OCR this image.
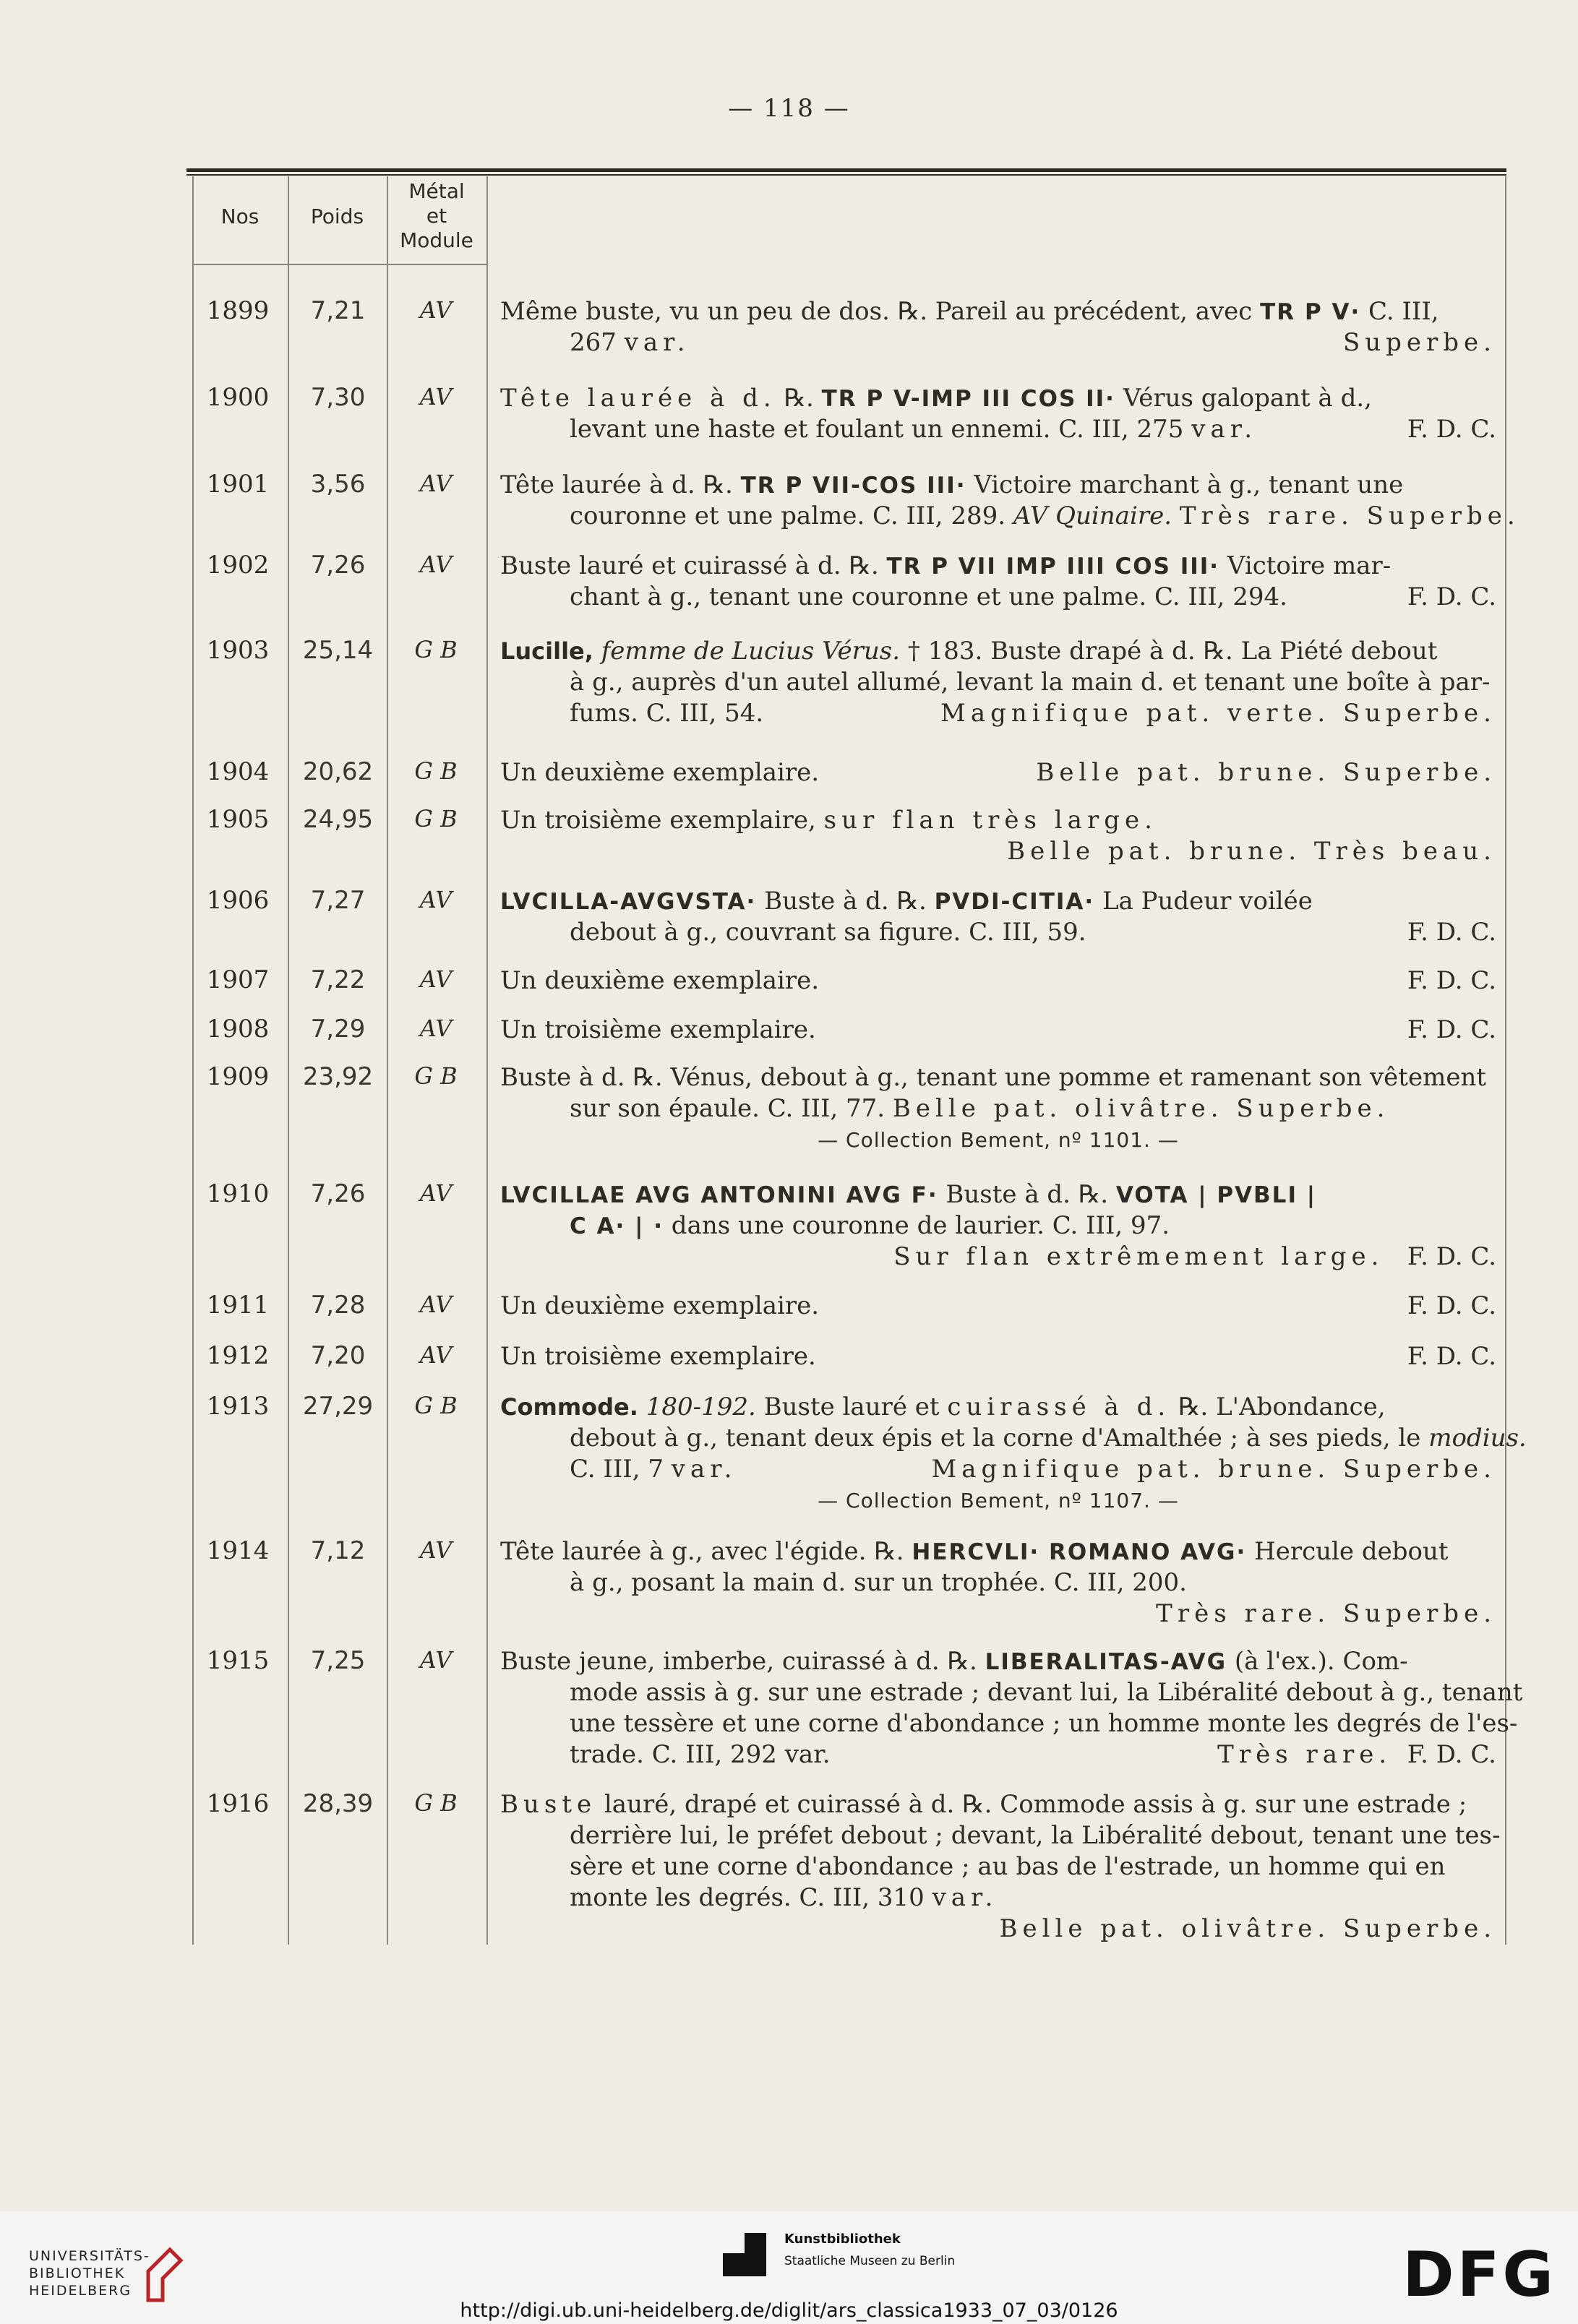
— 118 —
Nos	Poids
Métal
et
Module
1899	7,21	AV	Même buste, vu un peu de dos. ℞. Pareil au précédent, avec TR P V· C. III,
267 var.	Superbe.
1900	7,30	AV	Tête laurée à d. ℞. TR P V-IMP III COS II· Vérus galopant à d.,
levant une haste et foulant un ennemi. C. III, 275 var.	F. D. C.
1901	3,56	AV	Tête laurée à d. ℞. TR P VII-COS III· Victoire marchant à g., tenant une
couronne et une palme. C. III, 289. AV Quinaire. Très rare. Superbe.
1902	7,26	AV	Buste lauré et cuirassé à d. ℞. TR P VII IMP IIII COS III· Victoire mar-
chant à g., tenant une couronne et une palme. C. III, 294.	F. D. C.
1903	25,14	G B	Lucille, femme de Lucius Vérus. † 183. Buste drapé à d. ℞. La Piété debout
à g., auprès d'un autel allumé, levant la main d. et tenant une boîte à par-
fums. C. III, 54.	Magnifique pat. verte. Superbe.
1904	20,62	G B	Un deuxième exemplaire.	Belle pat. brune. Superbe.
1905	24,95	G B	Un troisième exemplaire, sur flan très large.
Belle pat. brune. Très beau.
1906	7,27	AV	LVCILLA-AVGVSTA· Buste à d. ℞. PVDI-CITIA· La Pudeur voilée
debout à g., couvrant sa figure. C. III, 59.	F. D. C.
1907	7,22	AV	Un deuxième exemplaire.	F. D. C.
1908	7,29	AV	Un troisième exemplaire.	F. D. C.
1909	23,92	G B	Buste à d. ℞. Vénus, debout à g., tenant une pomme et ramenant son vêtement
sur son épaule. C. III, 77. Belle pat. olivâtre. Superbe.
— Collection Bement, nº 1101. —
1910	7,26	AV	LVCILLAE AVG ANTONINI AVG F· Buste à d. ℞. VOTA | PVBLI |
C A· | · dans une couronne de laurier. C. III, 97.
Sur flan extrêmement large.   F. D. C.
1911	7,28	AV	Un deuxième exemplaire.	F. D. C.
1912	7,20	AV	Un troisième exemplaire.	F. D. C.
1913	27,29	G B	Commode. 180-192. Buste lauré et cuirassé à d. ℞. L'Abondance,
debout à g., tenant deux épis et la corne d'Amalthée ; à ses pieds, le modius.
C. III, 7 var.	Magnifique pat. brune. Superbe.
— Collection Bement, nº 1107. —
1914	7,12	AV	Tête laurée à g., avec l'égide. ℞. HERCVLI· ROMANO AVG· Hercule debout
à g., posant la main d. sur un trophée. C. III, 200.
Très rare. Superbe.
1915	7,25	AV	Buste jeune, imberbe, cuirassé à d. ℞. LIBERALITAS-AVG (à l'ex.). Com-
mode assis à g. sur une estrade ; devant lui, la Libéralité debout à g., tenant
une tessère et une corne d'abondance ; un homme monte les degrés de l'es-
trade. C. III, 292 var.	Très rare.  F. D. C.
1916	28,39	G B	Buste lauré, drapé et cuirassé à d. ℞. Commode assis à g. sur une estrade ;
derrière lui, le préfet debout ; devant, la Libéralité debout, tenant une tes-
sère et une corne d'abondance ; au bas de l'estrade, un homme qui en
monte les degrés. C. III, 310 var.
Belle pat. olivâtre. Superbe.
UNIVERSITÄTS-
BIBLIOTHEK
HEIDELBERG
Kunstbibliothek
Staatliche Museen zu Berlin	DFG
http://digi.ub.uni-heidelberg.de/diglit/ars_classica1933_07_03/0126
